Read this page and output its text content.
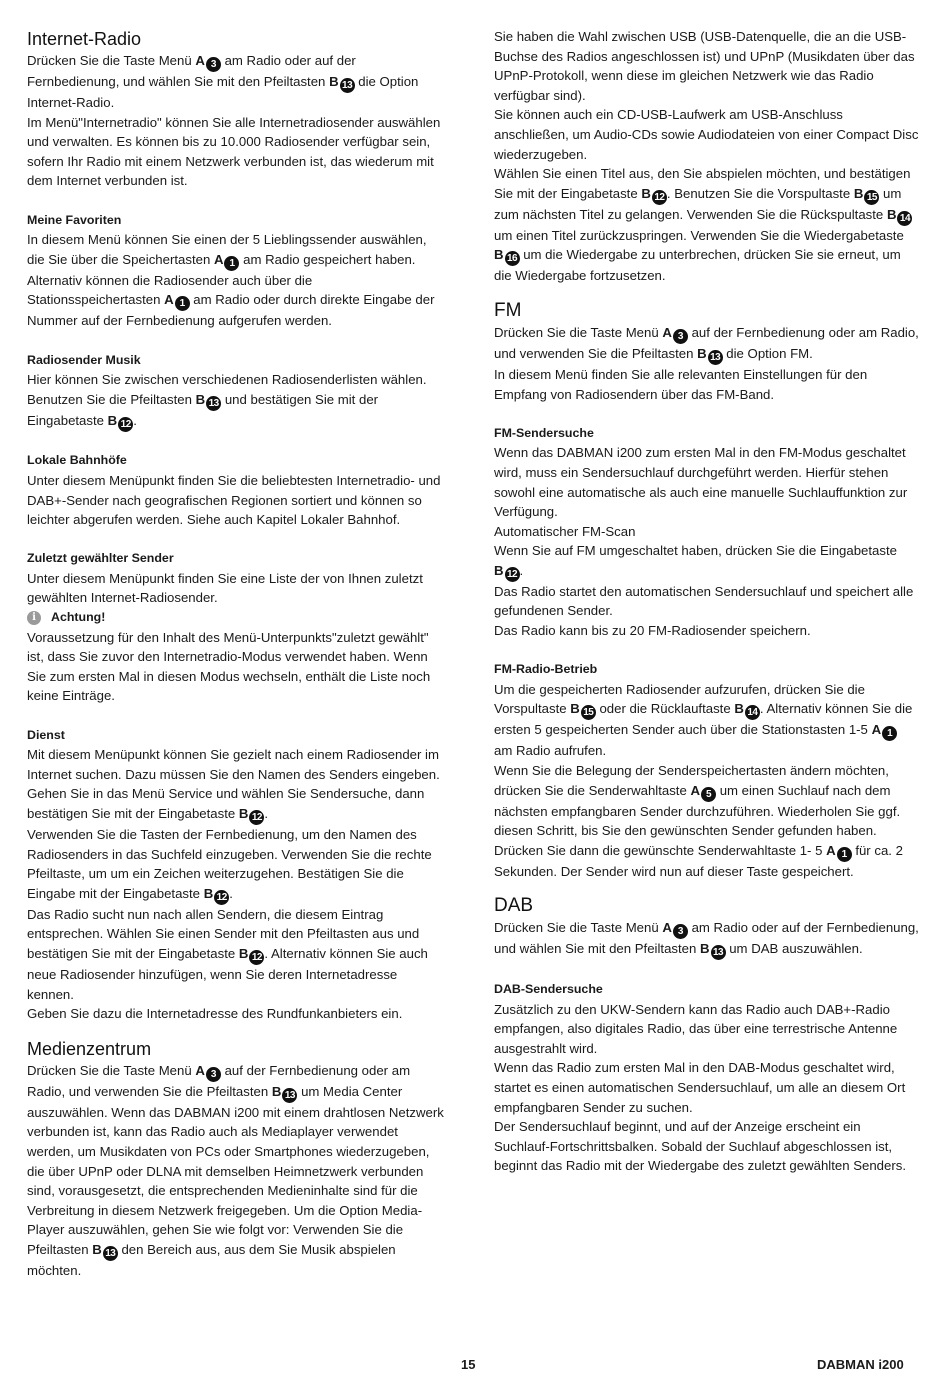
Internet-Radio

Drücken Sie die Taste Menü A 3 am Radio oder auf der Fernbedienung, und wählen Sie mit den Pfeiltasten B 13 die Option Internet-Radio.

Im Menü"Internetradio" können Sie alle Internetradiosender auswählen und verwalten. Es können bis zu 10.000 Radiosender verfügbar sein, sofern Ihr Radio mit einem Netzwerk verbunden ist, das wiederum mit dem Internet verbunden ist.

Meine Favoriten

In diesem Menü können Sie einen der 5 Lieblingssender auswählen, die Sie über die Speichertasten A 1 am Radio gespeichert haben. Alternativ können die Radiosender auch über die Stationsspeichertasten A 1 am Radio oder durch direkte Eingabe der Nummer auf der Fernbedienung aufgerufen werden.

Radiosender Musik

Hier können Sie zwischen verschiedenen Radiosenderlisten wählen. Benutzen Sie die Pfeiltasten B 13 und bestätigen Sie mit der Eingabetaste B 12 .

Lokale Bahnhöfe

Unter diesem Menüpunkt finden Sie die beliebtesten Internetradio- und DAB+-Sender nach geografischen Regionen sortiert und können so leichter abgerufen werden. Siehe auch Kapitel Lokaler Bahnhof.

Zuletzt gewählter Sender

Unter diesem Menüpunkt finden Sie eine Liste der von Ihnen zuletzt gewählten Internet-Radiosender.

i	Achtung!

Voraussetzung für den Inhalt des Menü-Unterpunkts"zuletzt gewählt" ist, dass Sie zuvor den Internetradio-Modus verwendet haben. Wenn Sie zum ersten Mal in diesen Modus wechseln, enthält die Liste noch keine Einträge.

Dienst

Mit diesem Menüpunkt können Sie gezielt nach einem Radiosender im Internet suchen. Dazu müssen Sie den Namen des Senders eingeben.

Gehen Sie in das Menü Service und wählen Sie Sendersuche, dann bestätigen Sie mit der Eingabetaste B 12 .

Verwenden Sie die Tasten der Fernbedienung, um den Namen des Radiosenders in das Suchfeld einzugeben. Verwenden Sie die rechte Pfeiltaste, um um ein Zeichen weiterzugehen. Bestätigen Sie die Eingabe mit der Eingabetaste B 12 .

Das Radio sucht nun nach allen Sendern, die diesem Eintrag entsprechen. Wählen Sie einen Sender mit den Pfeiltasten aus und bestätigen Sie mit der Eingabetaste B 12 . Alternativ können Sie auch neue Radiosender hinzufügen, wenn Sie deren Internetadresse kennen.

Geben Sie dazu die Internetadresse des Rundfunkanbieters ein.

Medienzentrum

Drücken Sie die Taste Menü A 3 auf der Fernbedienung oder am Radio, und verwenden Sie die Pfeiltasten B 13 um Media Center auszuwählen. Wenn das DABMAN i200 mit einem drahtlosen Netzwerk verbunden ist, kann das Radio auch als Mediaplayer verwendet werden, um Musikdaten von PCs oder Smartphones wiederzugeben, die über UPnP oder DLNA mit demselben Heimnetzwerk verbunden sind, vorausgesetzt, die entsprechenden Medieninhalte sind für die Verbreitung in diesem Netzwerk freigegeben. Um die Option Media-Player auszuwählen, gehen Sie wie folgt vor: Verwenden Sie die Pfeiltasten B 13 den Bereich aus, aus dem Sie Musik abspielen möchten.

Sie haben die Wahl zwischen USB (USB-Datenquelle, die an die USB-Buchse des Radios angeschlossen ist) und UPnP (Musikdaten über das UPnP-Protokoll, wenn diese im gleichen Netzwerk wie das Radio verfügbar sind).

Sie können auch ein CD-USB-Laufwerk am USB-Anschluss anschließen, um Audio-CDs sowie Audiodateien von einer Compact Disc wiederzugeben.

Wählen Sie einen Titel aus, den Sie abspielen möchten, und bestätigen Sie mit der Eingabetaste B 12 . Benutzen Sie die Vorspultaste B 15 um zum nächsten Titel zu gelangen. Verwenden Sie die Rückspultaste B 14 um einen Titel zurückzuspringen. Verwenden Sie die Wiedergabetaste B 16 um die Wiedergabe zu unterbrechen, drücken Sie sie erneut, um die Wiedergabe fortzusetzen.

FM

Drücken Sie die Taste Menü A 3 auf der Fernbedienung oder am Radio, und verwenden Sie die Pfeiltasten B 13 die Option FM.

In diesem Menü finden Sie alle relevanten Einstellungen für den Empfang von Radiosendern über das FM-Band.

FM-Sendersuche

Wenn das DABMAN i200 zum ersten Mal in den FM-Modus geschaltet wird, muss ein Sendersuchlauf durchgeführt werden. Hierfür stehen sowohl eine automatische als auch eine manuelle Suchlauffunktion zur Verfügung.

Automatischer FM-Scan

Wenn Sie auf FM umgeschaltet haben, drücken Sie die Eingabetaste B 12 .

Das Radio startet den automatischen Sendersuchlauf und speichert alle gefundenen Sender.

Das Radio kann bis zu 20 FM-Radiosender speichern.

FM-Radio-Betrieb

Um die gespeicherten Radiosender aufzurufen, drücken Sie die Vorspultaste B 15 oder die Rücklauftaste B 14 . Alternativ können Sie die ersten 5 gespeicherten Sender auch über die Stationstasten 1-5 A 1 am Radio aufrufen.

Wenn Sie die Belegung der Senderspeichertasten ändern möchten, drücken Sie die Senderwahltaste A 5 um einen Suchlauf nach dem nächsten empfangbaren Sender durchzuführen. Wiederholen Sie ggf. diesen Schritt, bis Sie den gewünschten Sender gefunden haben. Drücken Sie dann die gewünschte Senderwahltaste 1- 5 A 1 für ca. 2 Sekunden. Der Sender wird nun auf dieser Taste gespeichert.

DAB

Drücken Sie die Taste Menü A 3 am Radio oder auf der Fernbedienung, und wählen Sie mit den Pfeiltasten B 13 um DAB auszuwählen.

DAB-Sendersuche

Zusätzlich zu den UKW-Sendern kann das Radio auch DAB+-Radio empfangen, also digitales Radio, das über eine terrestrische Antenne ausgestrahlt wird.

Wenn das Radio zum ersten Mal in den DAB-Modus geschaltet wird, startet es einen automatischen Sendersuchlauf, um alle an diesem Ort empfangbaren Sender zu suchen.

Der Sendersuchlauf beginnt, und auf der Anzeige erscheint ein Suchlauf-Fortschrittsbalken. Sobald der Suchlauf abgeschlossen ist, beginnt das Radio mit der Wiedergabe des zuletzt gewählten Senders.

15	DABMAN i200
